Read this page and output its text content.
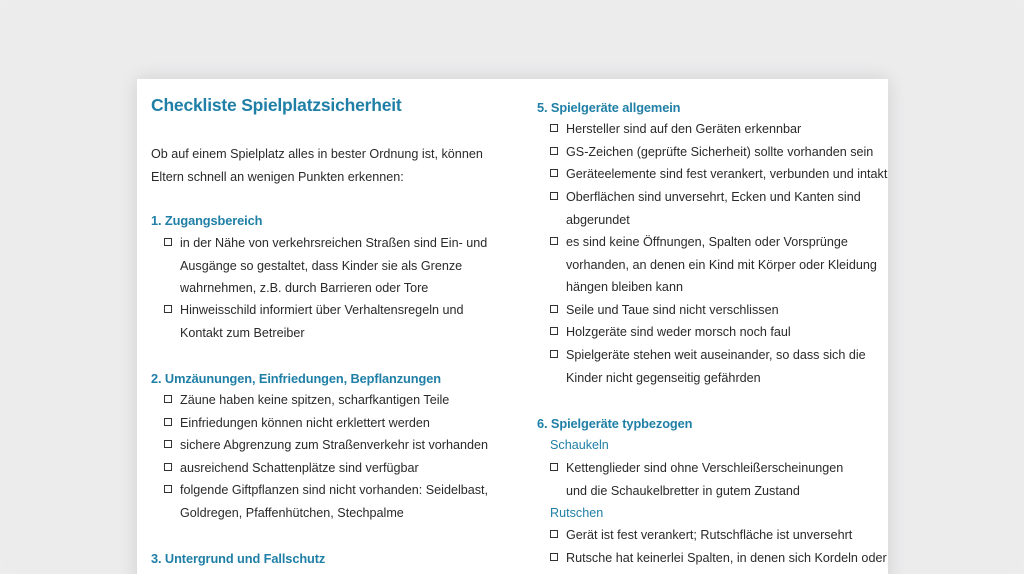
Checkliste Spielplatzsicherheit
Ob auf einem Spielplatz alles in bester Ordnung ist, können Eltern schnell an wenigen Punkten erkennen:
1. Zugangsbereich
in der Nähe von verkehrsreichen Straßen sind Ein- und Ausgänge so gestaltet, dass Kinder sie als Grenze wahrnehmen, z.B. durch Barrieren oder Tore
Hinweisschild informiert über Verhaltensregeln und Kontakt zum Betreiber
2. Umzäunungen, Einfriedungen, Bepflanzungen
Zäune haben keine spitzen, scharfkantigen Teile
Einfriedungen können nicht erklettert werden
sichere Abgrenzung zum Straßenverkehr ist vorhanden
ausreichend Schattenplätze sind verfügbar
folgende Giftpflanzen sind nicht vorhanden: Seidelbast, Goldregen, Pfaffenhütchen, Stechpalme
3. Untergrund und Fallschutz
5. Spielgeräte allgemein
Hersteller sind auf den Geräten erkennbar
GS-Zeichen (geprüfte Sicherheit) sollte vorhanden sein
Geräteelemente sind fest verankert, verbunden und intakt
Oberflächen sind unversehrt, Ecken und Kanten sind abgerundet
es sind keine Öffnungen, Spalten oder Vorsprünge vorhanden, an denen ein Kind mit Körper oder Kleidung hängen bleiben kann
Seile und Taue sind nicht verschlissen
Holzgeräte sind weder morsch noch faul
Spielgeräte stehen weit auseinander, so dass sich die Kinder nicht gegenseitig gefährden
6. Spielgeräte typbezogen
Schaukeln
Kettenglieder sind ohne Verschleißerscheinungen und die Schaukelbretter in gutem Zustand
Rutschen
Gerät ist fest verankert; Rutschfläche ist unversehrt
Rutsche hat keinerlei Spalten, in denen sich Kordeln oder
